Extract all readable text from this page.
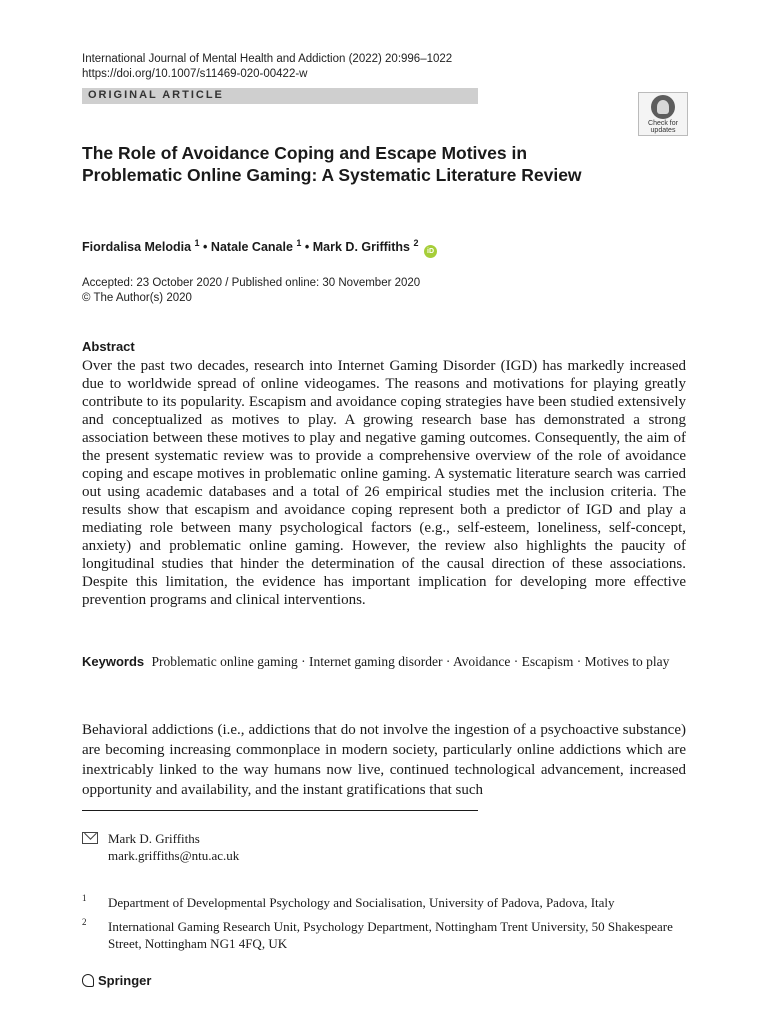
International Journal of Mental Health and Addiction (2022) 20:996–1022
https://doi.org/10.1007/s11469-020-00422-w
ORIGINAL ARTICLE
Check for updates
The Role of Avoidance Coping and Escape Motives in Problematic Online Gaming: A Systematic Literature Review
Fiordalisa Melodia $^1$ • Natale Canale $^1$ • Mark D. Griffiths $^2$ iD
Accepted: 23 October 2020 / Published online: 30 November 2020
© The Author(s) 2020
Abstract
Over the past two decades, research into Internet Gaming Disorder (IGD) has markedly increased due to worldwide spread of online videogames. The reasons and motivations for playing greatly contribute to its popularity. Escapism and avoidance coping strategies have been studied extensively and conceptualized as motives to play. A growing research base has demonstrated a strong association between these motives to play and negative gaming outcomes. Consequently, the aim of the present systematic review was to provide a comprehensive overview of the role of avoidance coping and escape motives in problematic online gaming. A systematic literature search was carried out using academic databases and a total of 26 empirical studies met the inclusion criteria. The results show that escapism and avoidance coping represent both a predictor of IGD and play a mediating role between many psychological factors (e.g., self-esteem, loneliness, self-concept, anxiety) and problematic online gaming. However, the review also highlights the paucity of longitudinal studies that hinder the determination of the causal direction of these associations. Despite this limitation, the evidence has important implication for developing more effective prevention programs and clinical interventions.
Keywords Problematic online gaming · Internet gaming disorder · Avoidance · Escapism · Motives to play
Behavioral addictions (i.e., addictions that do not involve the ingestion of a psychoactive substance) are becoming increasing commonplace in modern society, particularly online addictions which are inextricably linked to the way humans now live, continued technological advancement, increased opportunity and availability, and the instant gratifications that such
Mark D. Griffiths
mark.griffiths@ntu.ac.uk
1 Department of Developmental Psychology and Socialisation, University of Padova, Padova, Italy
2 International Gaming Research Unit, Psychology Department, Nottingham Trent University, 50 Shakespeare Street, Nottingham NG1 4FQ, UK
Springer
